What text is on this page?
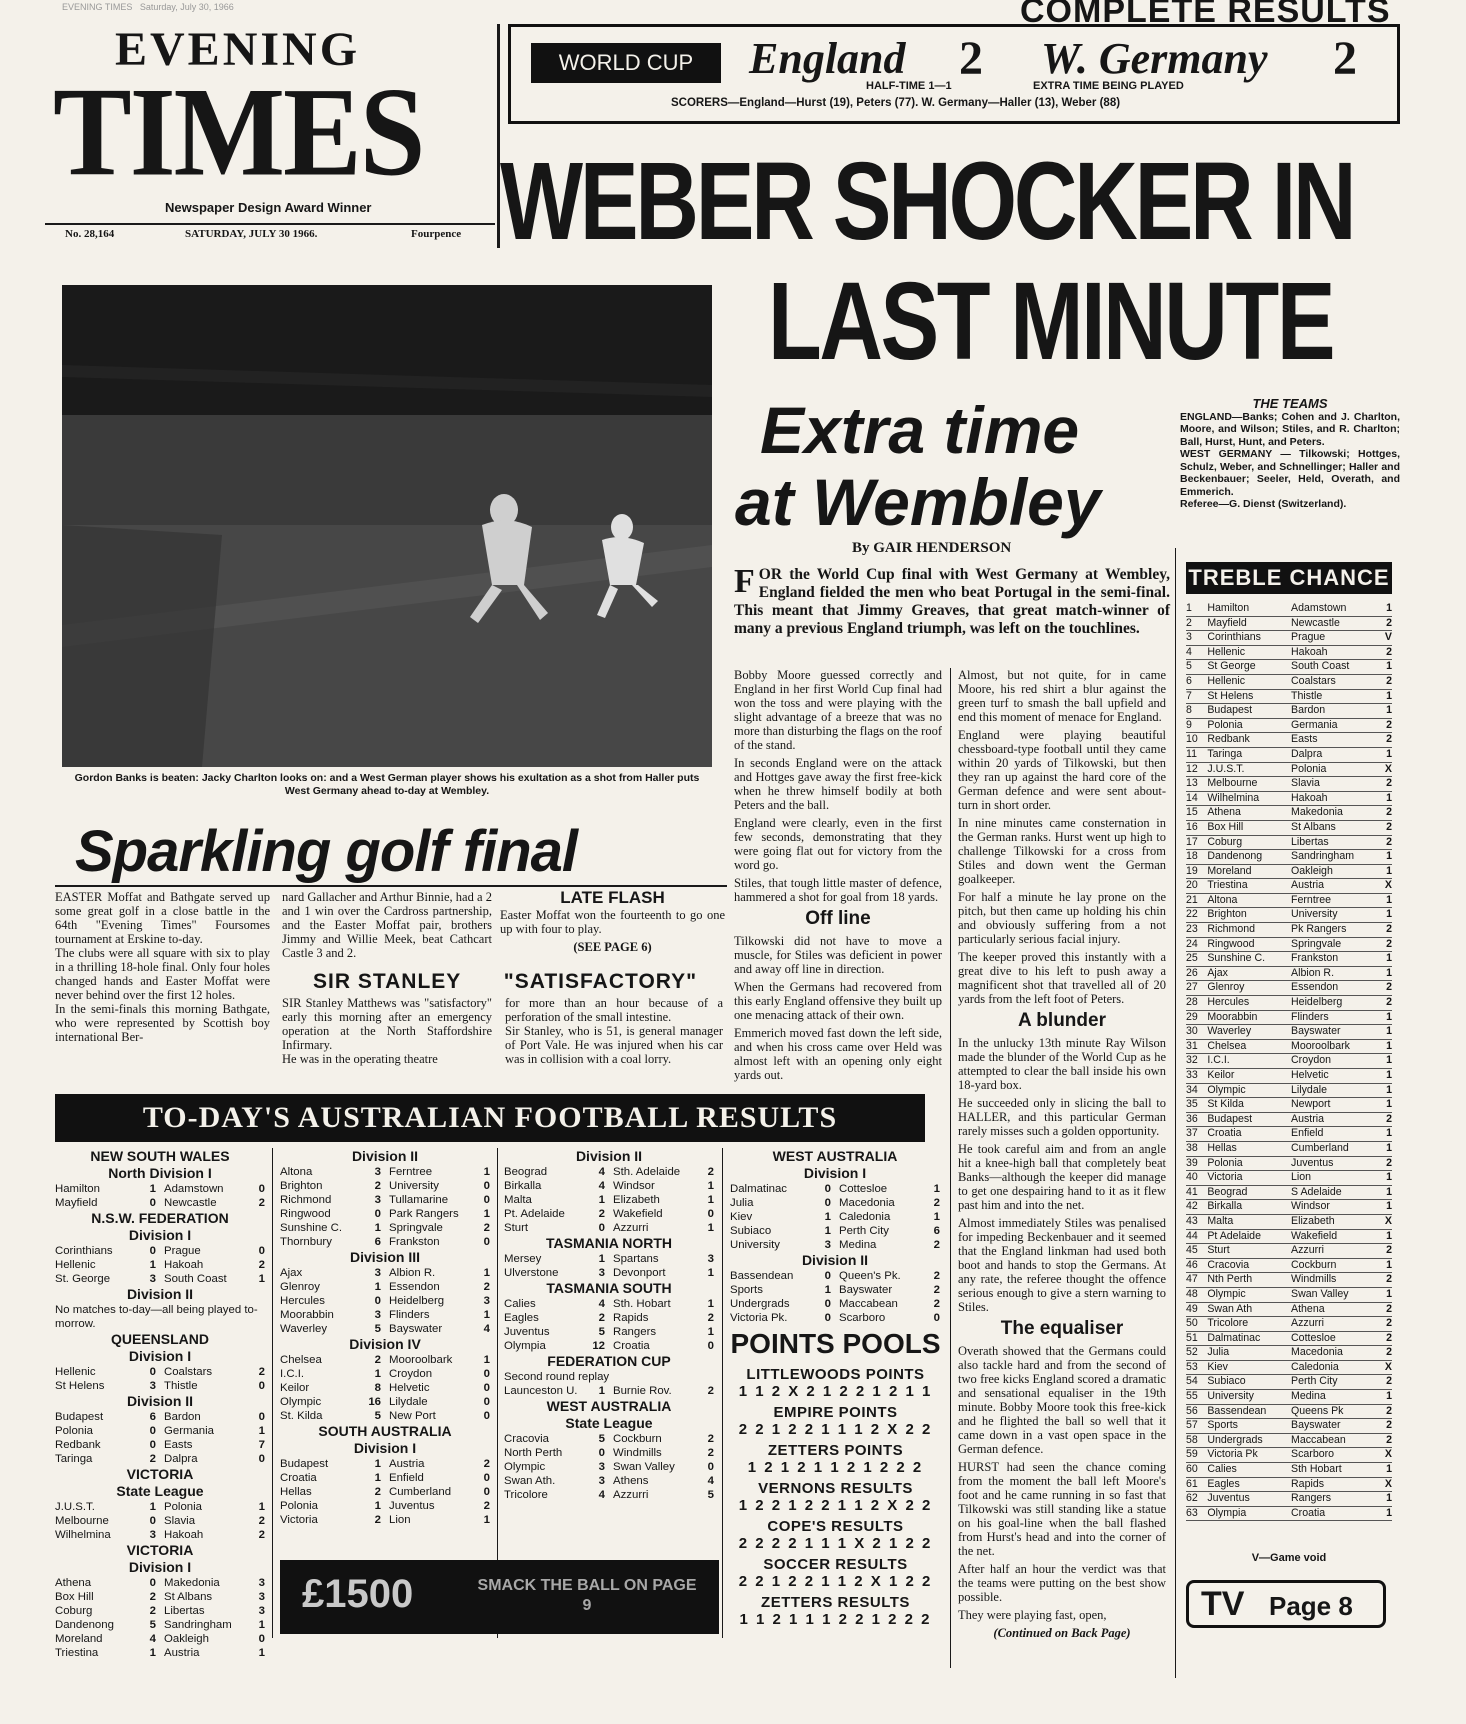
EVENING TIMES Saturday, July 30, 1966
EVENING
TIMES
Newspaper Design Award Winner
No. 28,164	SATURDAY, JULY 30 1966.	Fourpence
COMPLETE RESULTS
WORLD CUP FINAL
England 2 W. Germany 2
HALF-TIME 1—1	EXTRA TIME BEING PLAYED
SCORERS—England—Hurst (19), Peters (77). W. Germany—Haller (13), Weber (88)
WEBER SHOCKER IN
LAST MINUTE
Extra time
at Wembley
By GAIR HENDERSON
THE TEAMS
ENGLAND—Banks; Cohen and J. Charlton, Moore, and Wilson; Stiles, and R. Charlton; Ball, Hurst, Hunt, and Peters.
WEST GERMANY — Tilkowski; Hottges, Schulz, Weber, and Schnellinger; Haller and Beckenbauer; Seeler, Held, Overath, and Emmerich.
Referee—G. Dienst (Switzerland).
Gordon Banks is beaten: Jacky Charlton looks on: and a West German player shows his exultation as a shot from Haller puts West Germany ahead to-day at Wembley.
FOR the World Cup final with West Germany at Wembley, England fielded the men who beat Portugal in the semi-final. This meant that Jimmy Greaves, that great match-winner of many a previous England triumph, was left on the touchlines.

Bobby Moore guessed correctly and England in her first World Cup final had won the toss and were playing with the slight advantage of a breeze that was no more than disturbing the flags on the roof of the stand.

In seconds England were on the attack and Hottges gave away the first free-kick when he threw himself bodily at both Peters and the ball.

England were clearly, even in the first few seconds, demonstrating that they were going flat out for victory from the word go.

Stiles, that tough little master of defence, hammered a shot for goal from 18 yards.

Off line

Tilkowski did not have to move a muscle, for Stiles was deficient in power and away off line in direction.

When the Germans had recovered from this early England offensive they built up one menacing attack of their own.

Emmerich moved fast down the left side, and when his cross came over Held was almost left with an opening only eight yards out.

Almost, but not quite, for in came Moore, his red shirt a blur against the green turf to smash the ball upfield and end this moment of menace for England.

England were playing beautiful chessboard-type football until they came within 20 yards of Tilkowski, but then they ran up against the hard core of the German defence and were sent about-turn in short order.

In nine minutes came consternation in the German ranks. Hurst went up high to challenge Tilkowski for a cross from Stiles and down went the German goalkeeper.

For half a minute he lay prone on the pitch, but then came up holding his chin and obviously suffering from a not particularly serious facial injury.

The keeper proved this instantly with a great dive to his left to push away a magnificent shot that travelled all of 20 yards from the left foot of Peters.

A blunder

In the unlucky 13th minute Ray Wilson made the blunder of the World Cup as he attempted to clear the ball inside his own 18-yard box.

He succeeded only in slicing the ball to HALLER, and this particular German rarely misses such a golden opportunity.

He took careful aim and from an angle hit a knee-high ball that completely beat Banks—although the keeper did manage to get one despairing hand to it as it flew past him and into the net.

Almost immediately Stiles was penalised for impeding Beckenbauer and it seemed that the England linkman had used both boot and hands to stop the Germans. At any rate, the referee thought the offence serious enough to give a stern warning to Stiles.

The equaliser

Overath showed that the Germans could also tackle hard and from the second of two free kicks England scored a dramatic and sensational equaliser in the 19th minute. Bobby Moore took this free-kick and he flighted the ball so well that it came down in a vast open space in the German defence.

HURST had seen the chance coming from the moment the ball left Moore's foot and he came running in so fast that Tilkowski was still standing like a statue on his goal-line when the ball flashed from Hurst's head and into the corner of the net.

After half an hour the verdict was that the teams were putting on the best show possible.

They were playing fast, open,

(Continued on Back Page)

Sparkling golf final

EASTER Moffat and Bathgate served up some great golf in a close battle in the 64th "Evening Times" Foursomes tournament at Erskine to-day.
The clubs were all square with six to play in a thrilling 18-hole final. Only four holes changed hands and Easter Moffat were never behind over the first 12 holes.
In the semi-finals this morning Bathgate, who were represented by Scottish boy international Ber-

nard Gallacher and Arthur Binnie, had a 2 and 1 win over the Cardross partnership, and the Easter Moffat pair, brothers Jimmy and Willie Meek, beat Cathcart Castle 3 and 2.

LATE FLASH

Easter Moffat won the fourteenth to go one up with four to play.

(SEE PAGE 6)

SIR STANLEY "SATISFACTORY"

SIR Stanley Matthews was "satisfactory" early this morning after an emergency operation at the North Staffordshire Infirmary.
He was in the operating theatre

for more than an hour because of a perforation of the small intestine.
Sir Stanley, who is 51, is general manager of Port Vale. He was injured when his car was in collision with a coal lorry.

TO-DAY'S AUSTRALIAN FOOTBALL RESULTS
NEW SOUTH WALES
North Division I
Hamilton	1 Adamstown	0
Mayfield	0 Newcastle	2
N.S.W. FEDERATION
Division I
Corinthians	0 Prague	0
Hellenic	1 Hakoah	2
St. George	3 South Coast	1
Division II
No matches to-day—all being played to-morrow.
QUEENSLAND
Division I
Hellenic	0 Coalstars	2
St Helens	3 Thistle	0
Division II
Budapest	6 Bardon	0
Polonia	0 Germania	1
Redbank	0 Easts	7
Taringa	2 Dalpra	0
VICTORIA
State League
J.U.S.T.	1 Polonia	1
Melbourne	0 Slavia	2
Wilhelmina	3 Hakoah	2
VICTORIA
Division I
Athena	0 Makedonia	3
Box Hill	2 St Albans	3
Coburg	2 Libertas	3
Dandenong	5 Sandringham	1
Moreland	4 Oakleigh	0
Triestina	1 Austria	1
Division II
Altona	3 Ferntree	1
Brighton	2 University	0
Richmond	3 Tullamarine	0
Ringwood	0 Park Rangers	1
Sunshine C.	1 Springvale	2
Thornbury	6 Frankston	0
Division III
Ajax	3 Albion R.	1
Glenroy	1 Essendon	2
Hercules	0 Heidelberg	3
Moorabbin	3 Flinders	1
Waverley	5 Bayswater	4
Division IV
Chelsea	2 Mooroolbark	1
I.C.I.	1 Croydon	0
Keilor	8 Helvetic	0
Olympic	16 Lilydale	0
St. Kilda	5 New Port	0
SOUTH AUSTRALIA
Division I
Budapest	1 Austria	2
Croatia	1 Enfield	0
Hellas	2 Cumberland	0
Polonia	1 Juventus	2
Victoria	2 Lion	1
Division II
Beograd	4 Sth. Adelaide	2
Birkalla	4 Windsor	1
Malta	1 Elizabeth	1
Pt. Adelaide	2 Wakefield	0
Sturt	0 Azzurri	1
TASMANIA NORTH
Mersey	1 Spartans	3
Ulverstone	3 Devonport	1
TASMANIA SOUTH
Calies	4 Sth. Hobart	1
Eagles	2 Rapids	2
Juventus	5 Rangers	1
Olympia	12 Croatia	0
FEDERATION CUP
Second round replay
Launceston U.	1 Burnie Rov.	2
WEST AUSTRALIA
State League
Cracovia	5 Cockburn	2
North Perth	0 Windmills	2
Olympic	3 Swan Valley	0
Swan Ath.	3 Athens	4
Tricolore	4 Azzurri	5
WEST AUSTRALIA
Division I
Dalmatinac	0 Cottesloe	1
Julia	0 Macedonia	2
Kiev	1 Caledonia	1
Subiaco	1 Perth City	6
University	3 Medina	2
Division II
Bassendean	0 Queen's Pk.	2
Sports	1 Bayswater	2
Undergrads	0 Maccabean	2
Victoria Pk.	0 Scarboro	0
POINTS POOLS
LITTLEWOODS POINTS
1 1 2 X 2 1 2 2 1 2 1 1
EMPIRE POINTS
2 2 1 2 2 1 1 1 2 X 2 2
ZETTERS POINTS
1 2 1 2 1 1 2 1 2 2 2
VERNONS RESULTS
1 2 2 1 2 2 1 1 2 X 2 2
COPE'S RESULTS
2 2 2 2 1 1 1 X 2 1 2 2
SOCCER RESULTS
2 2 1 2 2 1 1 2 X 1 2 2
ZETTERS RESULTS
1 1 2 1 1 1 2 2 1 2 2 2
£1500	SMACK THE BALL ON PAGE 9
TREBLE CHANCE
1	Hamilton	Adamstown	1
2	Mayfield	Newcastle	2
3	Corinthians	Prague	V
4	Hellenic	Hakoah	2
5	St George	South Coast	1
6	Hellenic	Coalstars	2
7	St Helens	Thistle	1
8	Budapest	Bardon	1
9	Polonia	Germania	2
10 Redbank	Easts	2
11 Taringa	Dalpra	1
12 J.U.S.T.	Polonia	X
13 Melbourne	Slavia	2
14 Wilhelmina	Hakoah	1
15 Athena	Makedonia	2
16 Box Hill	St Albans	2
17 Coburg	Libertas	2
18 Dandenong	Sandringham	1
19 Moreland	Oakleigh	1
20 Triestina	Austria	X
21 Altona	Ferntree	1
22 Brighton	University	1
23 Richmond	Pk Rangers	2
24 Ringwood	Springvale	2
25 Sunshine C.	Frankston	1
26 Ajax	Albion R.	1
27 Glenroy	Essendon	2
28 Hercules	Heidelberg	2
29 Moorabbin	Flinders	1
30 Waverley	Bayswater	1
31 Chelsea	Mooroolbark	1
32 I.C.I.	Croydon	1
33 Keilor	Helvetic	1
34 Olympic	Lilydale	1
35 St Kilda	Newport	1
36 Budapest	Austria	2
37 Croatia	Enfield	1
38 Hellas	Cumberland	1
39 Polonia	Juventus	2
40 Victoria	Lion	1
41 Beograd	S Adelaide	1
42 Birkalla	Windsor	1
43 Malta	Elizabeth	X
44 Pt Adelaide	Wakefield	1
45 Sturt	Azzurri	2
46 Cracovia	Cockburn	1
47 Nth Perth	Windmills	2
48 Olympic	Swan Valley	1
49 Swan Ath	Athena	2
50 Tricolore	Azzurri	2
51 Dalmatinac	Cottesloe	2
52 Julia	Macedonia	2
53 Kiev	Caledonia	X
54 Subiaco	Perth City	2
55 University	Medina	1
56 Bassendean	Queens Pk	2
57 Sports	Bayswater	2
58 Undergrads	Maccabean	2
59 Victoria Pk	Scarboro	X
60 Calies	Sth Hobart	1
61 Eagles	Rapids	X
62 Juventus	Rangers	1
63 Olympia	Croatia	1
V—Game void
TV Page 8
